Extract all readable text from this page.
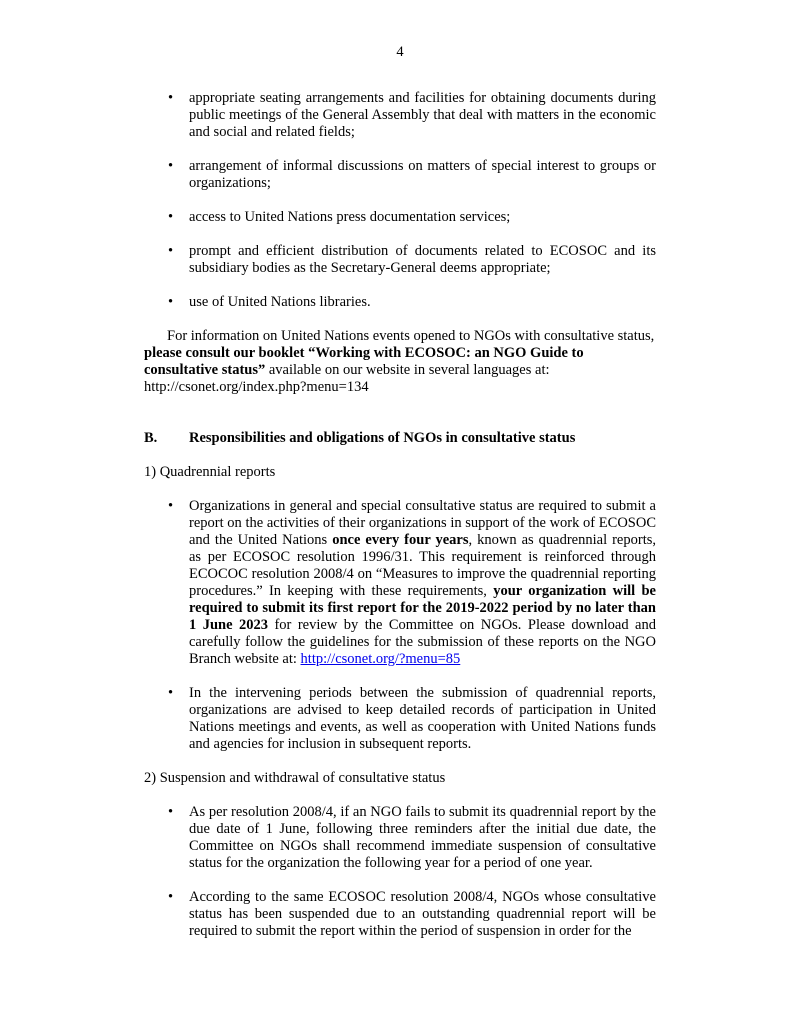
4
• appropriate seating arrangements and facilities for obtaining documents during public meetings of the General Assembly that deal with matters in the economic and social and related fields;
• arrangement of informal discussions on matters of special interest to groups or organizations;
• access to United Nations press documentation services;
• prompt and efficient distribution of documents related to ECOSOC and its subsidiary bodies as the Secretary-General deems appropriate;
• use of United Nations libraries.

For information on United Nations events opened to NGOs with consultative status, please consult our booklet “Working with ECOSOC: an NGO Guide to consultative status” available on our website in several languages at: http://csonet.org/index.php?menu=134

B.	Responsibilities and obligations of NGOs in consultative status

1) Quadrennial reports

• Organizations in general and special consultative status are required to submit a report on the activities of their organizations in support of the work of ECOSOC and the United Nations once every four years, known as quadrennial reports, as per ECOSOC resolution 1996/31. This requirement is reinforced through ECOCOC resolution 2008/4 on “Measures to improve the quadrennial reporting procedures.” In keeping with these requirements, your organization will be required to submit its first report for the 2019-2022 period by no later than 1 June 2023 for review by the Committee on NGOs. Please download and carefully follow the guidelines for the submission of these reports on the NGO Branch website at: http://csonet.org/?menu=85
• In the intervening periods between the submission of quadrennial reports, organizations are advised to keep detailed records of participation in United Nations meetings and events, as well as cooperation with United Nations funds and agencies for inclusion in subsequent reports.

2) Suspension and withdrawal of consultative status

• As per resolution 2008/4, if an NGO fails to submit its quadrennial report by the due date of 1 June, following three reminders after the initial due date, the Committee on NGOs shall recommend immediate suspension of consultative status for the organization the following year for a period of one year.
• According to the same ECOSOC resolution 2008/4, NGOs whose consultative status has been suspended due to an outstanding quadrennial report will be required to submit the report within the period of suspension in order for the
